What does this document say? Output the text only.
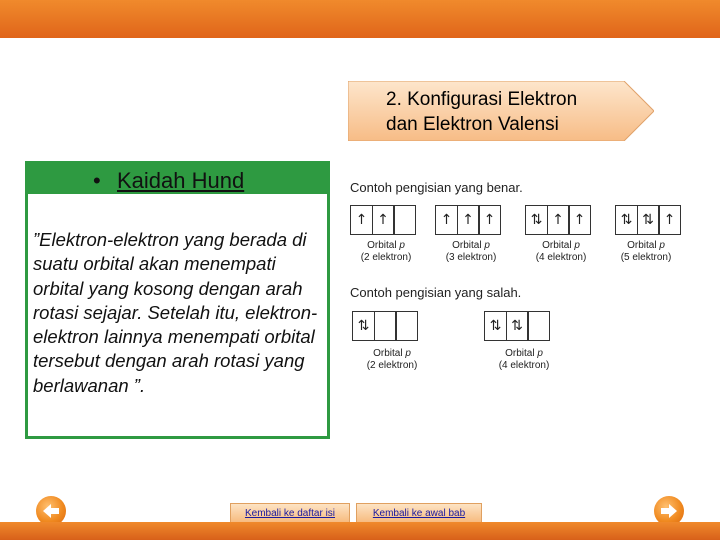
2. Konfigurasi Elektron
dan Elektron Valensi
• Kaidah Hund
”Elektron-elektron yang berada di suatu orbital akan menempati orbital yang kosong dengan arah rotasi sejajar. Setelah itu, elektron-elektron lainnya menempati orbital tersebut dengan arah rotasi yang berlawanan ”.
Contoh pengisian yang benar.
Contoh pengisian yang salah.
↑ ↑
Orbital p
(2 elektron)
↑ ↑ ↑
Orbital p
(3 elektron)
⇅ ↑ ↑
Orbital p
(4 elektron)
⇅ ⇅ ↑
Orbital p
(5 elektron)
⇅
Orbital p
(2 elektron)
⇅ ⇅
Orbital p
(4 elektron)
Kembali ke daftar isi	Kembali ke awal bab
